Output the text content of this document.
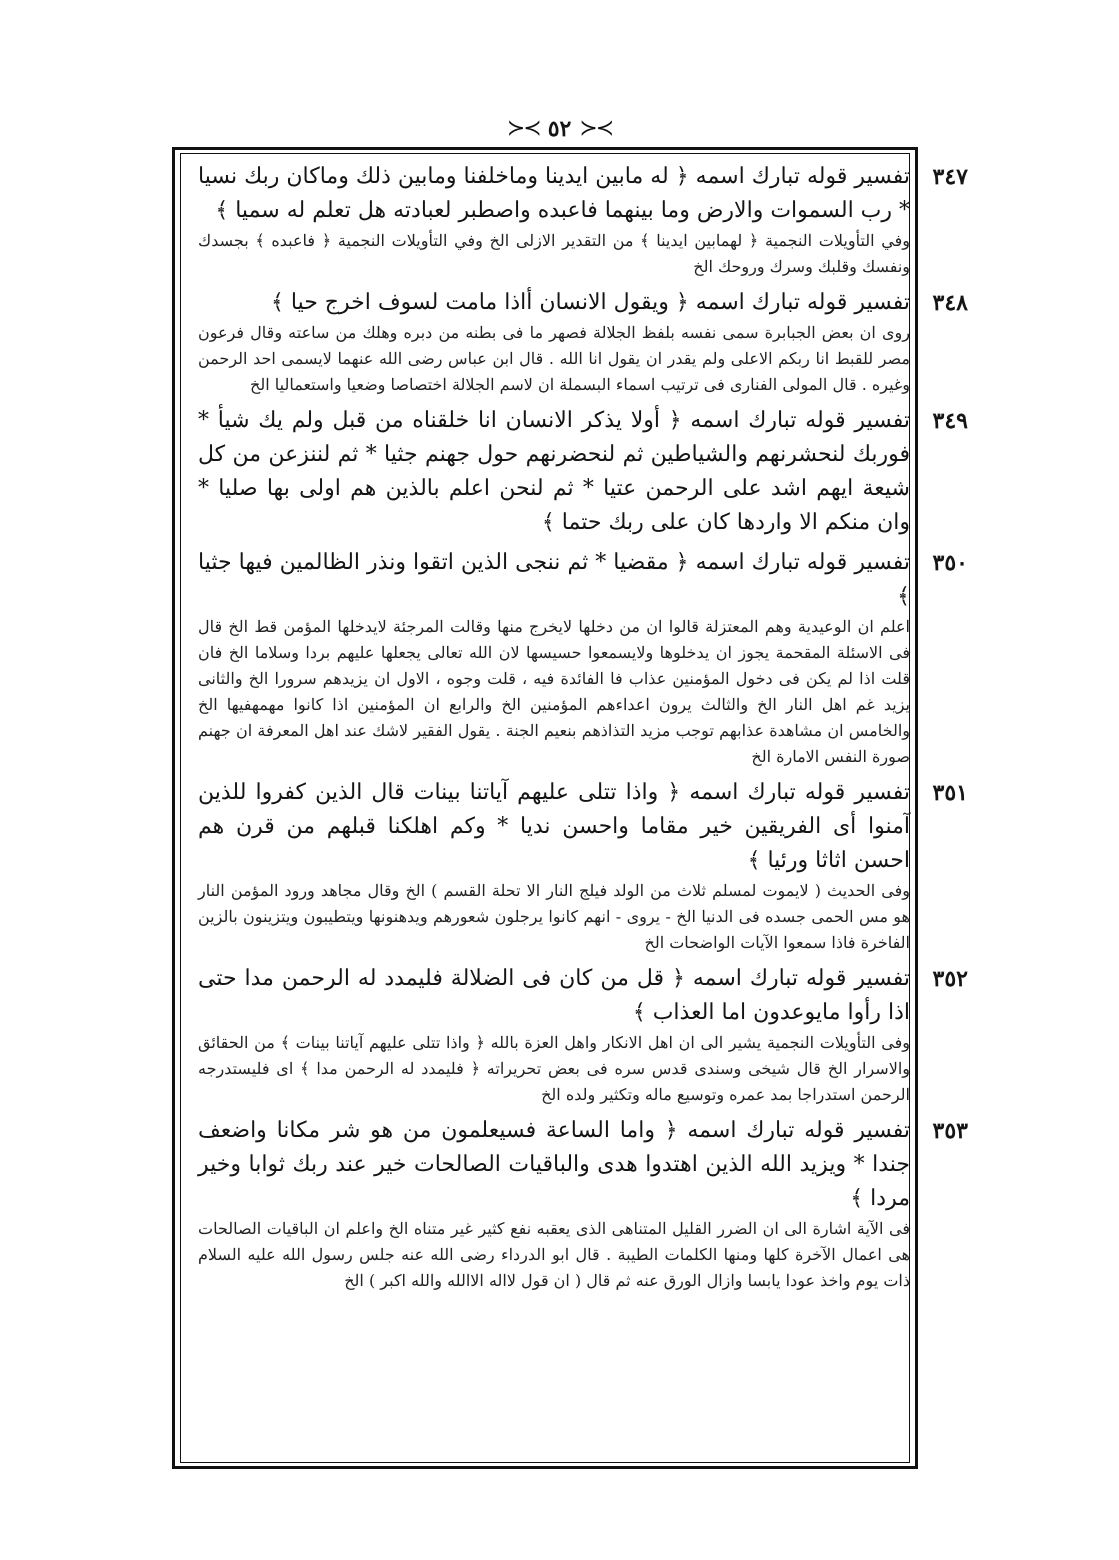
≻≺
٥٢
≻≺
٣٤٧
تفسير قوله تبارك اسمه ﴿ له مابين ايدينا وماخلفنا ومابين ذلك وماكان ربك نسيا * رب السموات والارض وما بينهما فاعبده واصطبر لعبادته هل تعلم له سميا ﴾
وفي التأويلات النجمية ﴿ لهمابين ايدينا ﴾ من التقدير الازلى الخ وفي التأويلات النجمية ﴿ فاعبده ﴾ بجسدك ونفسك وقلبك وسرك وروحك الخ
٣٤٨
تفسير قوله تبارك اسمه ﴿ ويقول الانسان أاذا مامت لسوف اخرج حيا ﴾
روى ان بعض الجبابرة سمى نفسه بلفظ الجلالة فصهر ما فى بطنه من دبره وهلك من ساعته وقال فرعون مصر للقبط انا ربكم الاعلى ولم يقدر ان يقول انا الله . قال ابن عباس رضى الله عنهما لايسمى احد الرحمن وغيره . قال المولى الفنارى فى ترتيب اسماء البسملة ان لاسم الجلالة اختصاصا وضعيا واستعماليا الخ
٣٤٩
تفسير قوله تبارك اسمه ﴿ أولا يذكر الانسان انا خلقناه من قبل ولم يك شيأ * فوربك لنحشرنهم والشياطين ثم لنحضرنهم حول جهنم جثيا * ثم لننزعن من كل شيعة ايهم اشد على الرحمن عتيا * ثم لنحن اعلم بالذين هم اولى بها صليا * وان منكم الا واردها كان على ربك حتما ﴾
٣٥٠
تفسير قوله تبارك اسمه ﴿ مقضيا * ثم ننجى الذين اتقوا ونذر الظالمين فيها جثيا ﴾
اعلم ان الوعيدية وهم المعتزلة قالوا ان من دخلها لايخرج منها وقالت المرجئة لايدخلها المؤمن قط الخ قال فى الاسئلة المقحمة يجوز ان يدخلوها ولايسمعوا حسيسها لان الله تعالى يجعلها عليهم بردا وسلاما الخ فان قلت اذا لم يكن فى دخول المؤمنين عذاب فا الفائدة فيه ، قلت وجوه ، الاول ان يزيدهم سرورا الخ والثانى يزيد غم اهل النار الخ والثالث يرون اعداءهم المؤمنين الخ والرابع ان المؤمنين اذا كانوا مهمهفيها الخ والخامس ان مشاهدة عذابهم توجب مزيد التذاذهم بنعيم الجنة . يقول الفقير لاشك عند اهل المعرفة ان جهنم صورة النفس الامارة الخ
٣٥١
تفسير قوله تبارك اسمه ﴿ واذا تتلى عليهم آياتنا بينات قال الذين كفروا للذين آمنوا أى الفريقين خير مقاما واحسن نديا * وكم اهلكنا قبلهم من قرن هم احسن اثاثا ورئيا ﴾
وفى الحديث ( لايموت لمسلم ثلاث من الولد فيلج النار الا تحلة القسم ) الخ وقال مجاهد ورود المؤمن النار هو مس الحمى جسده فى الدنيا الخ - يروى - انهم كانوا يرجلون شعورهم ويدهنونها ويتطيبون ويتزينون بالزين الفاخرة فاذا سمعوا الآيات الواضحات الخ
٣٥٢
تفسير قوله تبارك اسمه ﴿ قل من كان فى الضلالة فليمدد له الرحمن مدا حتى اذا رأوا مايوعدون اما العذاب ﴾
وفى التأويلات النجمية يشير الى ان اهل الانكار واهل العزة بالله ﴿ واذا تتلى عليهم آياتنا بينات ﴾ من الحقائق والاسرار الخ قال شيخى وسندى قدس سره فى بعض تحريراته ﴿ فليمدد له الرحمن مدا ﴾ اى فليستدرجه الرحمن استدراجا بمد عمره وتوسيع ماله وتكثير ولده الخ
٣٥٣
تفسير قوله تبارك اسمه ﴿ واما الساعة فسيعلمون من هو شر مكانا واضعف جندا * ويزيد الله الذين اهتدوا هدى والباقيات الصالحات خير عند ربك ثوابا وخير مردا ﴾
فى الآية اشارة الى ان الضرر القليل المتناهى الذى يعقبه نفع كثير غير متناه الخ واعلم ان الباقيات الصالحات هى اعمال الآخرة كلها ومنها الكلمات الطيبة . قال ابو الدرداء رضى الله عنه جلس رسول الله عليه السلام ذات يوم واخذ عودا يابسا وازال الورق عنه ثم قال ( ان قول لااله الاالله والله اكبر ) الخ
